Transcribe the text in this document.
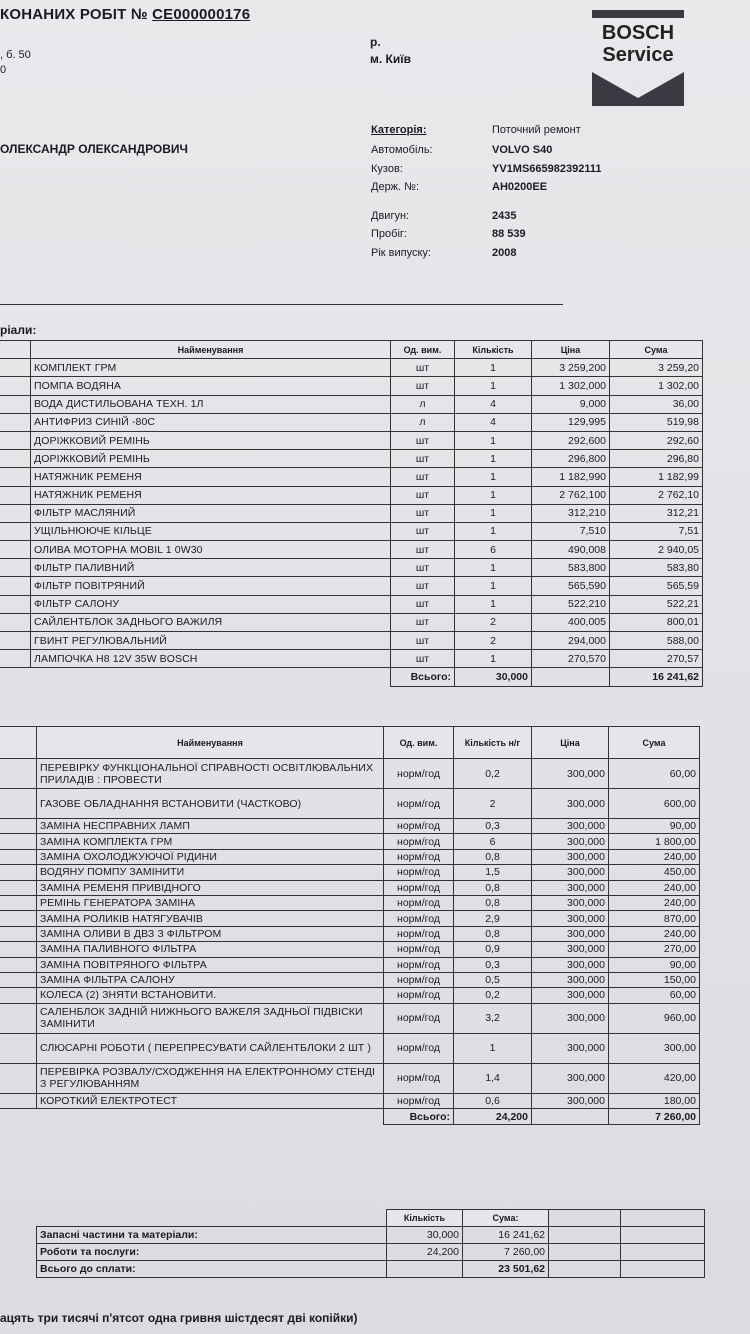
КОНАНИХ РОБІТ № CE000000176
, б. 50
0
р.
м. Київ
BOSCH
Service
ОЛЕКСАНДР ОЛЕКСАНДРОВИЧ
Категорія:	Поточний ремонт
Автомобіль:	VOLVO S40
Кузов:	YV1MS665982392111
Держ. №:	АН0200ЕЕ
Двигун:	2435
Пробіг:	88 539
Рік випуску:	2008
ріали:
	Найменування	Од. вим.	Кількість	Ціна	Сума
	КОМПЛЕКТ ГРМ	шт	1	3 259,200	3 259,20
	ПОМПА ВОДЯНА	шт	1	1 302,000	1 302,00
	ВОДА ДИСТИЛЬОВАНА ТЕХН. 1Л	л	4	9,000	36,00
	АНТИФРИЗ СИНІЙ -80С	л	4	129,995	519,98
	ДОРІЖКОВИЙ РЕМІНЬ	шт	1	292,600	292,60
	ДОРІЖКОВИЙ РЕМІНЬ	шт	1	296,800	296,80
	НАТЯЖНИК РЕМЕНЯ	шт	1	1 182,990	1 182,99
	НАТЯЖНИК РЕМЕНЯ	шт	1	2 762,100	2 762,10
	ФІЛЬТР МАСЛЯНИЙ	шт	1	312,210	312,21
	УЩІЛЬНЮЮЧЕ КІЛЬЦЕ	шт	1	7,510	7,51
	ОЛИВА МОТОРНА MOBIL 1 0W30	шт	6	490,008	2 940,05
	ФІЛЬТР ПАЛИВНИЙ	шт	1	583,800	583,80
	ФІЛЬТР ПОВІТРЯНИЙ	шт	1	565,590	565,59
	ФІЛЬТР САЛОНУ	шт	1	522,210	522,21
	САЙЛЕНТБЛОК ЗАДНЬОГО ВАЖИЛЯ	шт	2	400,005	800,01
	ГВИНТ РЕГУЛЮВАЛЬНИЙ	шт	2	294,000	588,00
	ЛАМПОЧКА H8 12V 35W BOSCH	шт	1	270,570	270,57
		Всього:	30,000		16 241,62
	Найменування	Од. вим.	Кількість н/г	Ціна	Сума
	ПЕРЕВІРКУ ФУНКЦІОНАЛЬНОЇ СПРАВНОСТІ ОСВІТЛЮВАЛЬНИХ ПРИЛАДІВ : ПРОВЕСТИ	норм/год	0,2	300,000	60,00
	ГАЗОВЕ ОБЛАДНАННЯ ВСТАНОВИТИ (ЧАСТКОВО)	норм/год	2	300,000	600,00
	ЗАМІНА НЕСПРАВНИХ ЛАМП	норм/год	0,3	300,000	90,00
	ЗАМІНА КОМПЛЕКТА ГРМ	норм/год	6	300,000	1 800,00
	ЗАМІНА ОХОЛОДЖУЮЧОЇ РІДИНИ	норм/год	0,8	300,000	240,00
	ВОДЯНУ ПОМПУ ЗАМІНИТИ	норм/год	1,5	300,000	450,00
	ЗАМІНА РЕМЕНЯ ПРИВІДНОГО	норм/год	0,8	300,000	240,00
	РЕМІНЬ ГЕНЕРАТОРА ЗАМІНА	норм/год	0,8	300,000	240,00
	ЗАМІНА РОЛИКІВ НАТЯГУВАЧІВ	норм/год	2,9	300,000	870,00
	ЗАМІНА ОЛИВИ В ДВЗ З ФІЛЬТРОМ	норм/год	0,8	300,000	240,00
	ЗАМІНА ПАЛИВНОГО ФІЛЬТРА	норм/год	0,9	300,000	270,00
	ЗАМІНА ПОВІТРЯНОГО ФІЛЬТРА	норм/год	0,3	300,000	90,00
	ЗАМІНА ФІЛЬТРА САЛОНУ	норм/год	0,5	300,000	150,00
	КОЛЕСА (2) ЗНЯТИ ВСТАНОВИТИ.	норм/год	0,2	300,000	60,00
	САЛЕНБЛОК ЗАДНІЙ НИЖНЬОГО ВАЖЕЛЯ ЗАДНЬОЇ ПІДВІСКИ ЗАМІНИТИ	норм/год	3,2	300,000	960,00
	СЛЮСАРНІ РОБОТИ ( ПЕРЕПРЕСУВАТИ САЙЛЕНТБЛОКИ 2 ШТ )	норм/год	1	300,000	300,00
	ПЕРЕВІРКА РОЗВАЛУ/СХОДЖЕННЯ НА ЕЛЕКТРОННОМУ СТЕНДІ З РЕГУЛЮВАННЯМ	норм/год	1,4	300,000	420,00
	КОРОТКИЙ ЕЛЕКТРОТЕСТ	норм/год	0,6	300,000	180,00
		Всього:	24,200		7 260,00
	Кількість	Сума:		
Запасні частини та матеріали:	30,000	16 241,62		
Роботи та послуги:	24,200	7 260,00		
Всього до сплати:		23 501,62		
ацять три тисячі п'ятсот одна гривня шістдесят дві копійки)
